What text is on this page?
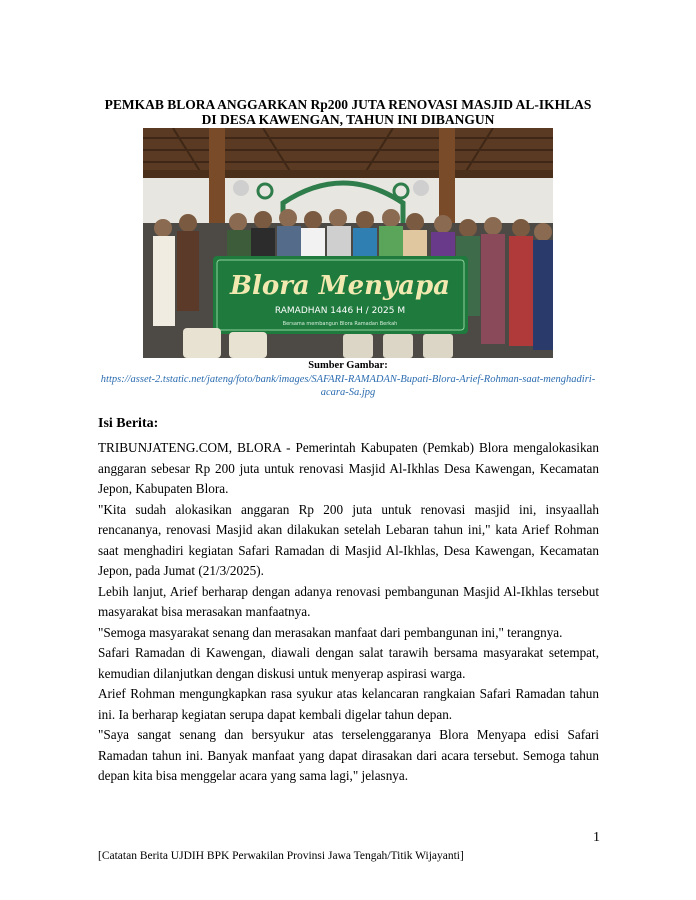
PEMKAB BLORA ANGGARKAN Rp200 JUTA RENOVASI MASJID AL-IKHLAS
DI DESA KAWENGAN, TAHUN INI DIBANGUN
Blora Menyapa
RAMADHAN 1446 H / 2025 M
Bersama membangun Blora Ramadan Berkah
Sumber Gambar:
https://asset-2.tstatic.net/jateng/foto/bank/images/SAFARI-RAMADAN-Bupati-Blora-Arief-Rohman-saat-menghadiri-acara-Sa.jpg
Isi Berita:

TRIBUNJATENG.COM, BLORA - Pemerintah Kabupaten (Pemkab) Blora mengalokasikan anggaran sebesar Rp 200 juta untuk renovasi Masjid Al-Ikhlas Desa Kawengan, Kecamatan Jepon, Kabupaten Blora.

"Kita sudah alokasikan anggaran Rp 200 juta untuk renovasi masjid ini, insyaallah rencananya, renovasi Masjid akan dilakukan setelah Lebaran tahun ini," kata Arief Rohman saat menghadiri kegiatan Safari Ramadan di Masjid Al-Ikhlas, Desa Kawengan, Kecamatan Jepon, pada Jumat (21/3/2025).

Lebih lanjut, Arief berharap dengan adanya renovasi pembangunan Masjid Al-Ikhlas tersebut masyarakat bisa merasakan manfaatnya.

"Semoga masyarakat senang dan merasakan manfaat dari pembangunan ini," terangnya.

Safari Ramadan di Kawengan, diawali dengan salat tarawih bersama masyarakat setempat, kemudian dilanjutkan dengan diskusi untuk menyerap aspirasi warga.

Arief Rohman mengungkapkan rasa syukur atas kelancaran rangkaian Safari Ramadan tahun ini. Ia berharap kegiatan serupa dapat kembali digelar tahun depan.

"Saya sangat senang dan bersyukur atas terselenggaranya Blora Menyapa edisi Safari Ramadan tahun ini. Banyak manfaat yang dapat dirasakan dari acara tersebut. Semoga tahun depan kita bisa menggelar acara yang sama lagi," jelasnya.

1
[Catatan Berita UJDIH BPK Perwakilan Provinsi Jawa Tengah/Titik Wijayanti]
